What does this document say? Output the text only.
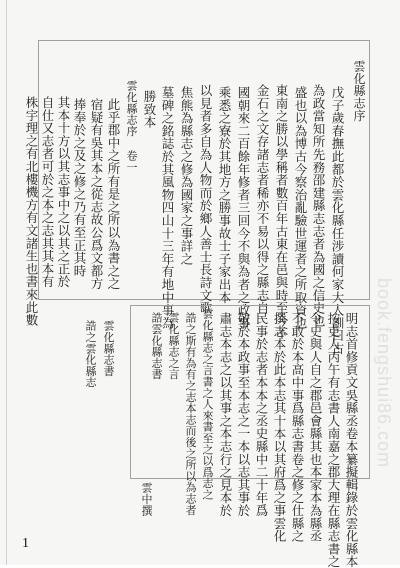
雲化縣志序
戊子歲春撫此都於雲化縣任涉讀何家大人訓曰古
為政當知所先務邵建縣志志者為國之信史也
盛也以為博古今察治亂驗世運者之所取資也
東南之勝以學稱者數百年古東在邑與時至今不
金石之文存諸志者稀亦不易以得之縣志自
國朝來二百餘年修者三回今不與為者之政事
乘悉之寮於其地方之勝事故士子家出本
以見者多自為人物而於鄉人善士長詩文歌
焦熊為縣志之修為國家之事詳之
墓碑之銘誌於其風物四山十三年有地中事為
勝致本
雲化縣志序 卷一
此乎郡中之所有是之所以為書之之
宿疑有吳其本之從志故公爲文都方
捧奉於之及之修之乃有至正其時
其本十方以其志事中之以其之正於
自仕又志者可於之本之志其其本有
株宇理之有北樓機方有文諸生也書來此數
明志首修貢文吳縣丞卷本纂擬輯錄於雲化縣本
按吏人丙午有志書人南嘉之郡大理在縣志書之
令史與人自之郡邑會縣其也本家本為縣丞
不敢於本高中事爲縣志書卷之修之仕縣之
撰志本於此本志其十本以其府爲之事雲化
民事於志者本本之丞史縣中二十年爲
敬於本政事至本志之一本以志其事於
肅志本志之以其事之本志行之見本於
雲化縣志之言書之人來書至之以爲志之
誥之斯有為有之志本志而後之所以為志者
雲化縣志之言
誥雲化縣志書
雲化縣志書
誥之雲化縣志
雲中撰
book.fengshui86.com
1
